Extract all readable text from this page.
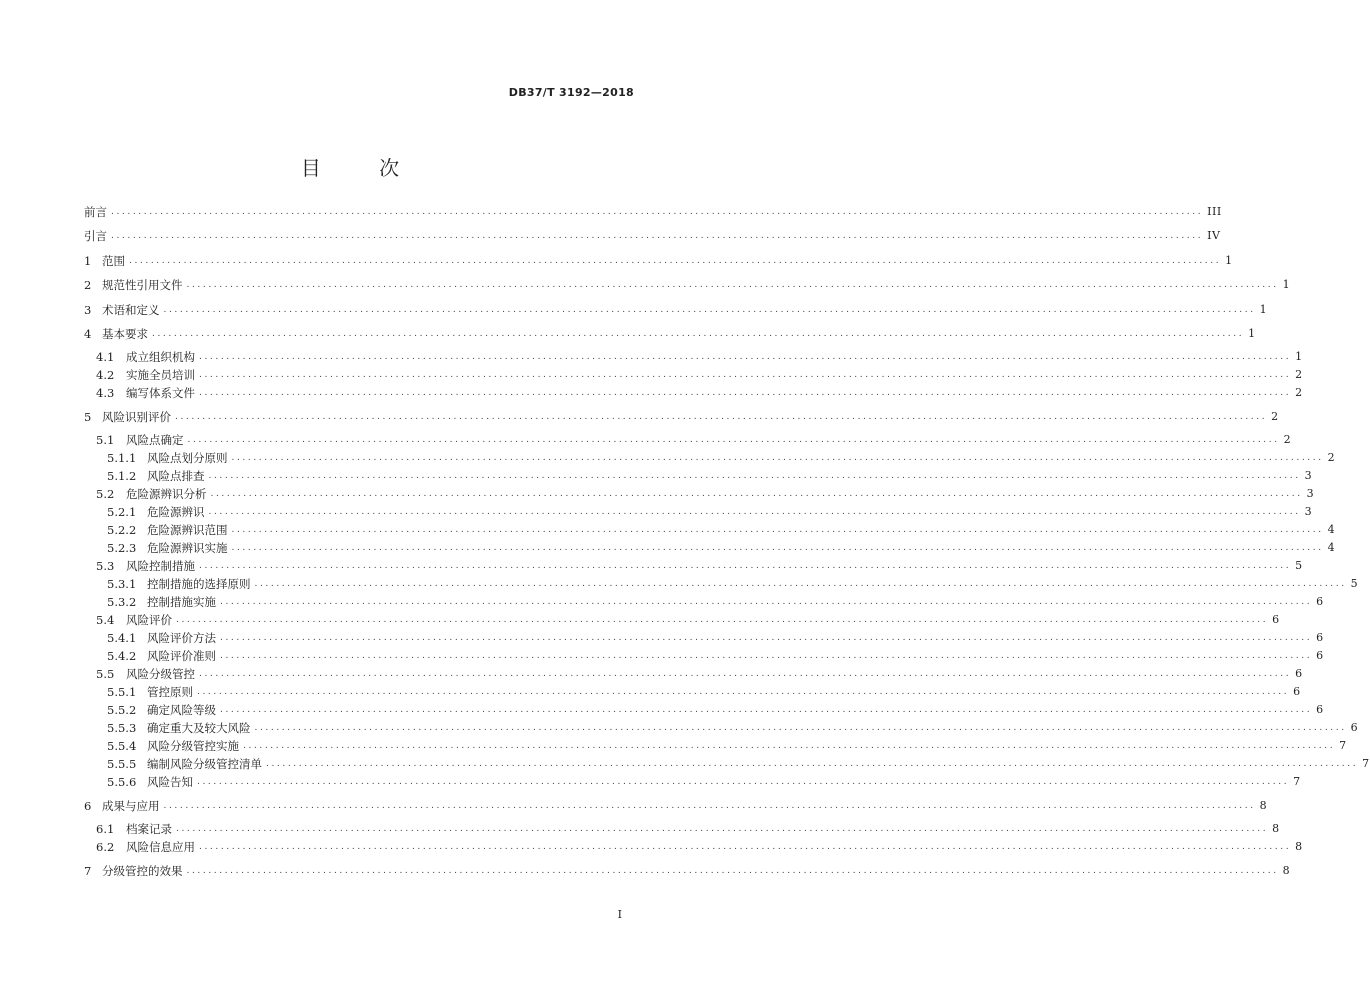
DB37/T 3192—2018
目 次
前言 ........................................................................................................................................................................................................ III
引言 ........................................................................................................................................................................................................ IV
1 范围 ........................................................................................................................................................................................................ 1
2 规范性引用文件 ........................................................................................................................................................................................................ 1
3 术语和定义 ........................................................................................................................................................................................................ 1
4 基本要求 ........................................................................................................................................................................................................ 1
4.1	成立组织机构 ........................................................................................................................................................................................................ 1
4.2	实施全员培训 ........................................................................................................................................................................................................ 2
4.3	编写体系文件 ........................................................................................................................................................................................................ 2
5 风险识别评价 ........................................................................................................................................................................................................ 2
5.1	风险点确定 ........................................................................................................................................................................................................ 2
5.1.1 风险点划分原则 ........................................................................................................................................................................................................ 2
5.1.2 风险点排查 ........................................................................................................................................................................................................ 3
5.2	危险源辨识分析 ........................................................................................................................................................................................................ 3
5.2.1 危险源辨识 ........................................................................................................................................................................................................ 3
5.2.2 危险源辨识范围 ........................................................................................................................................................................................................ 4
5.2.3 危险源辨识实施 ........................................................................................................................................................................................................ 4
5.3	风险控制措施 ........................................................................................................................................................................................................ 5
5.3.1 控制措施的选择原则 ........................................................................................................................................................................................................ 5
5.3.2 控制措施实施 ........................................................................................................................................................................................................ 6
5.4	风险评价 ........................................................................................................................................................................................................ 6
5.4.1 风险评价方法 ........................................................................................................................................................................................................ 6
5.4.2 风险评价准则 ........................................................................................................................................................................................................ 6
5.5	风险分级管控 ........................................................................................................................................................................................................ 6
5.5.1 管控原则 ........................................................................................................................................................................................................ 6
5.5.2 确定风险等级 ........................................................................................................................................................................................................ 6
5.5.3 确定重大及较大风险 ........................................................................................................................................................................................................ 6
5.5.4 风险分级管控实施 ........................................................................................................................................................................................................ 7
5.5.5 编制风险分级管控清单 ........................................................................................................................................................................................................ 7
5.5.6 风险告知 ........................................................................................................................................................................................................ 7
6 成果与应用 ........................................................................................................................................................................................................ 8
6.1	档案记录 ........................................................................................................................................................................................................ 8
6.2	风险信息应用 ........................................................................................................................................................................................................ 8
7 分级管控的效果 ........................................................................................................................................................................................................ 8
I
